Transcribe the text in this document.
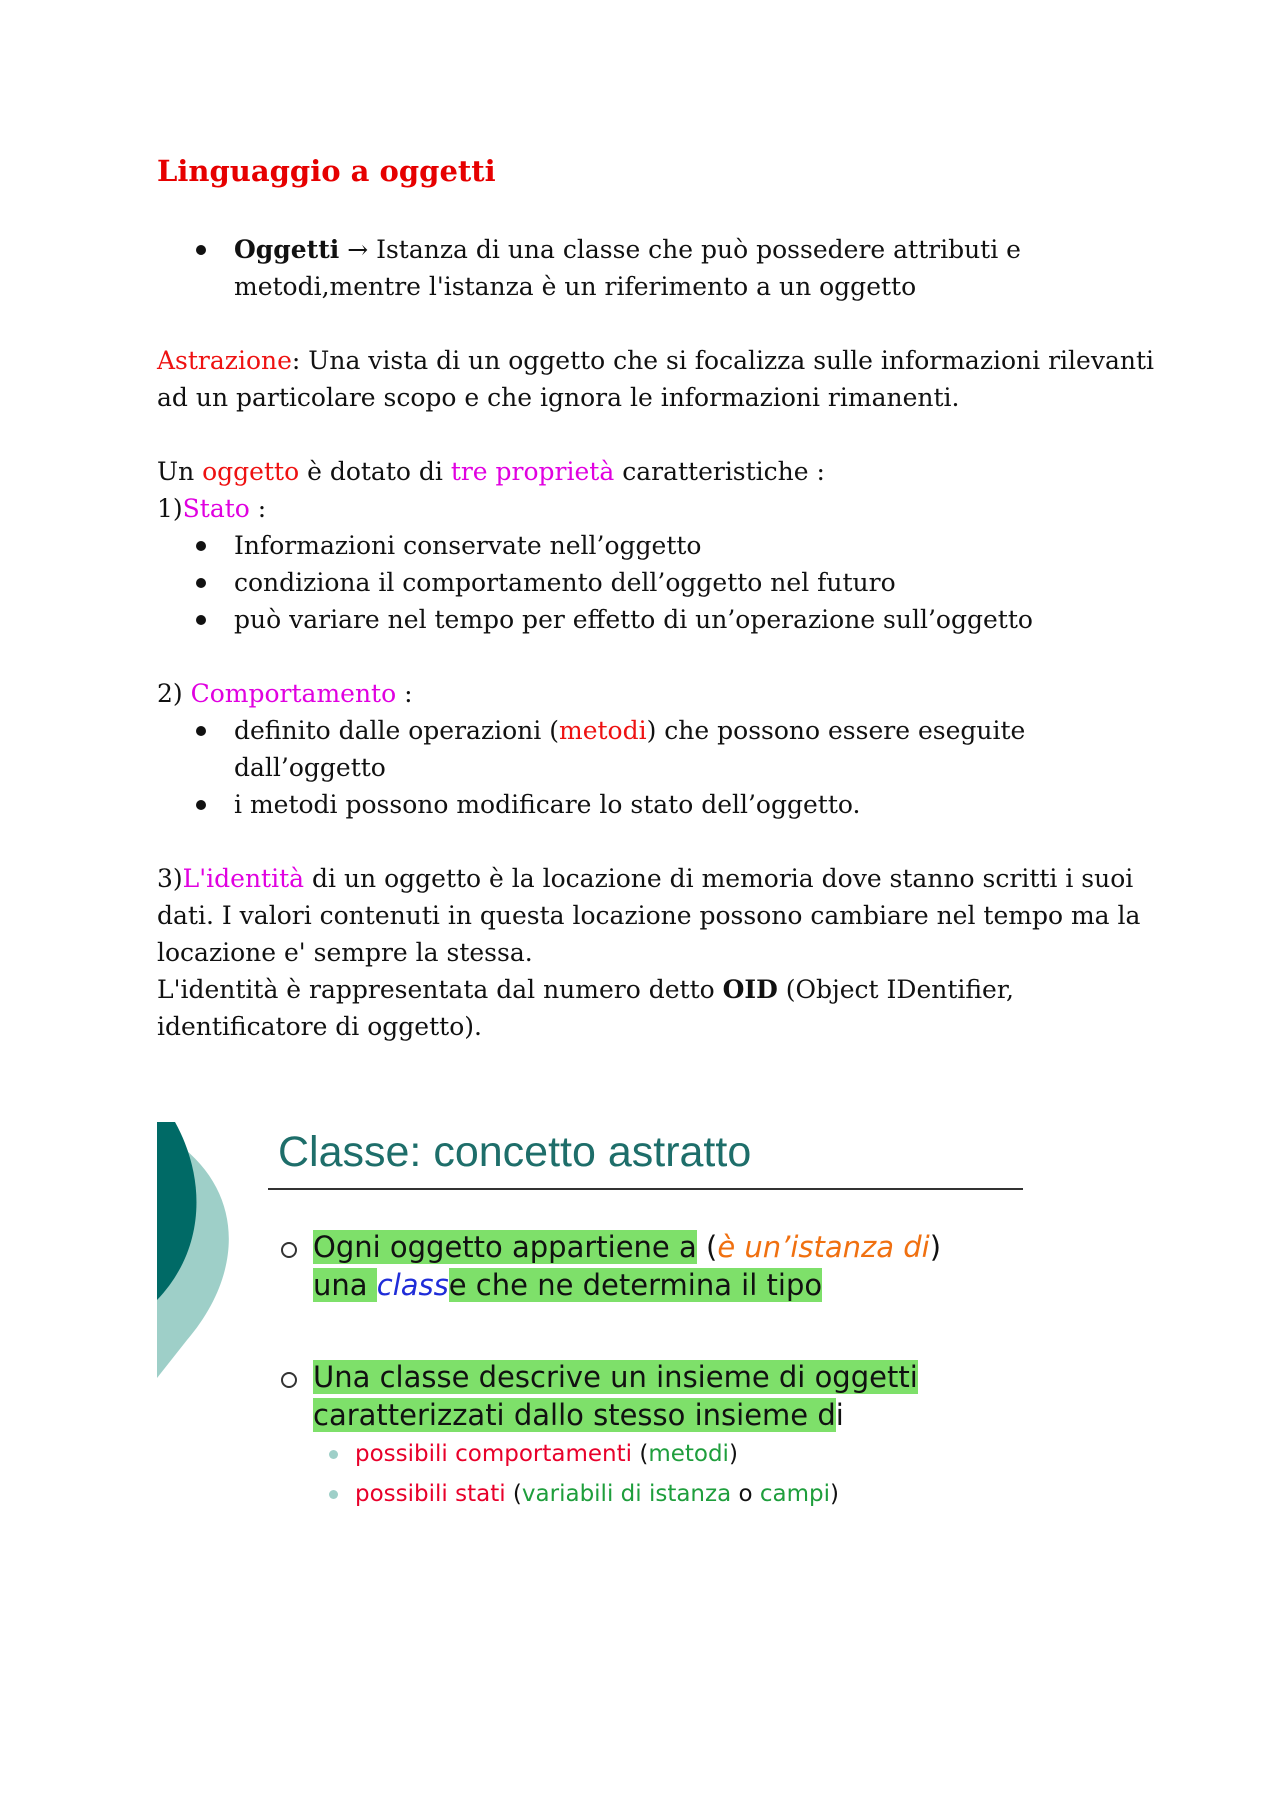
Linguaggio a oggetti
Oggetti → Istanza di una classe che può possedere attributi e
metodi,mentre l'istanza è un riferimento a un oggetto
Astrazione: Una vista di un oggetto che si focalizza sulle informazioni rilevanti
ad un particolare scopo e che ignora le informazioni rimanenti.
Un oggetto è dotato di tre proprietà caratteristiche :
1)Stato :
Informazioni conservate nell’oggetto
condiziona il comportamento dell’oggetto nel futuro
può variare nel tempo per effetto di un’operazione sull’oggetto
2) Comportamento :
definito dalle operazioni (metodi) che possono essere eseguite
dall’oggetto
i metodi possono modificare lo stato dell’oggetto.
3)L'identità di un oggetto è la locazione di memoria dove stanno scritti i suoi
dati. I valori contenuti in questa locazione possono cambiare nel tempo ma la
locazione e' sempre la stessa.
L'identità è rappresentata dal numero detto OID (Object IDentifier,
identificatore di oggetto).
Classe: concetto astratto
Ogni oggetto appartiene a (è un’istanza di)
una classe che ne determina il tipo
Una classe descrive un insieme di oggetti
caratterizzati dallo stesso insieme di
possibili comportamenti (metodi)
possibili stati (variabili di istanza o campi)
